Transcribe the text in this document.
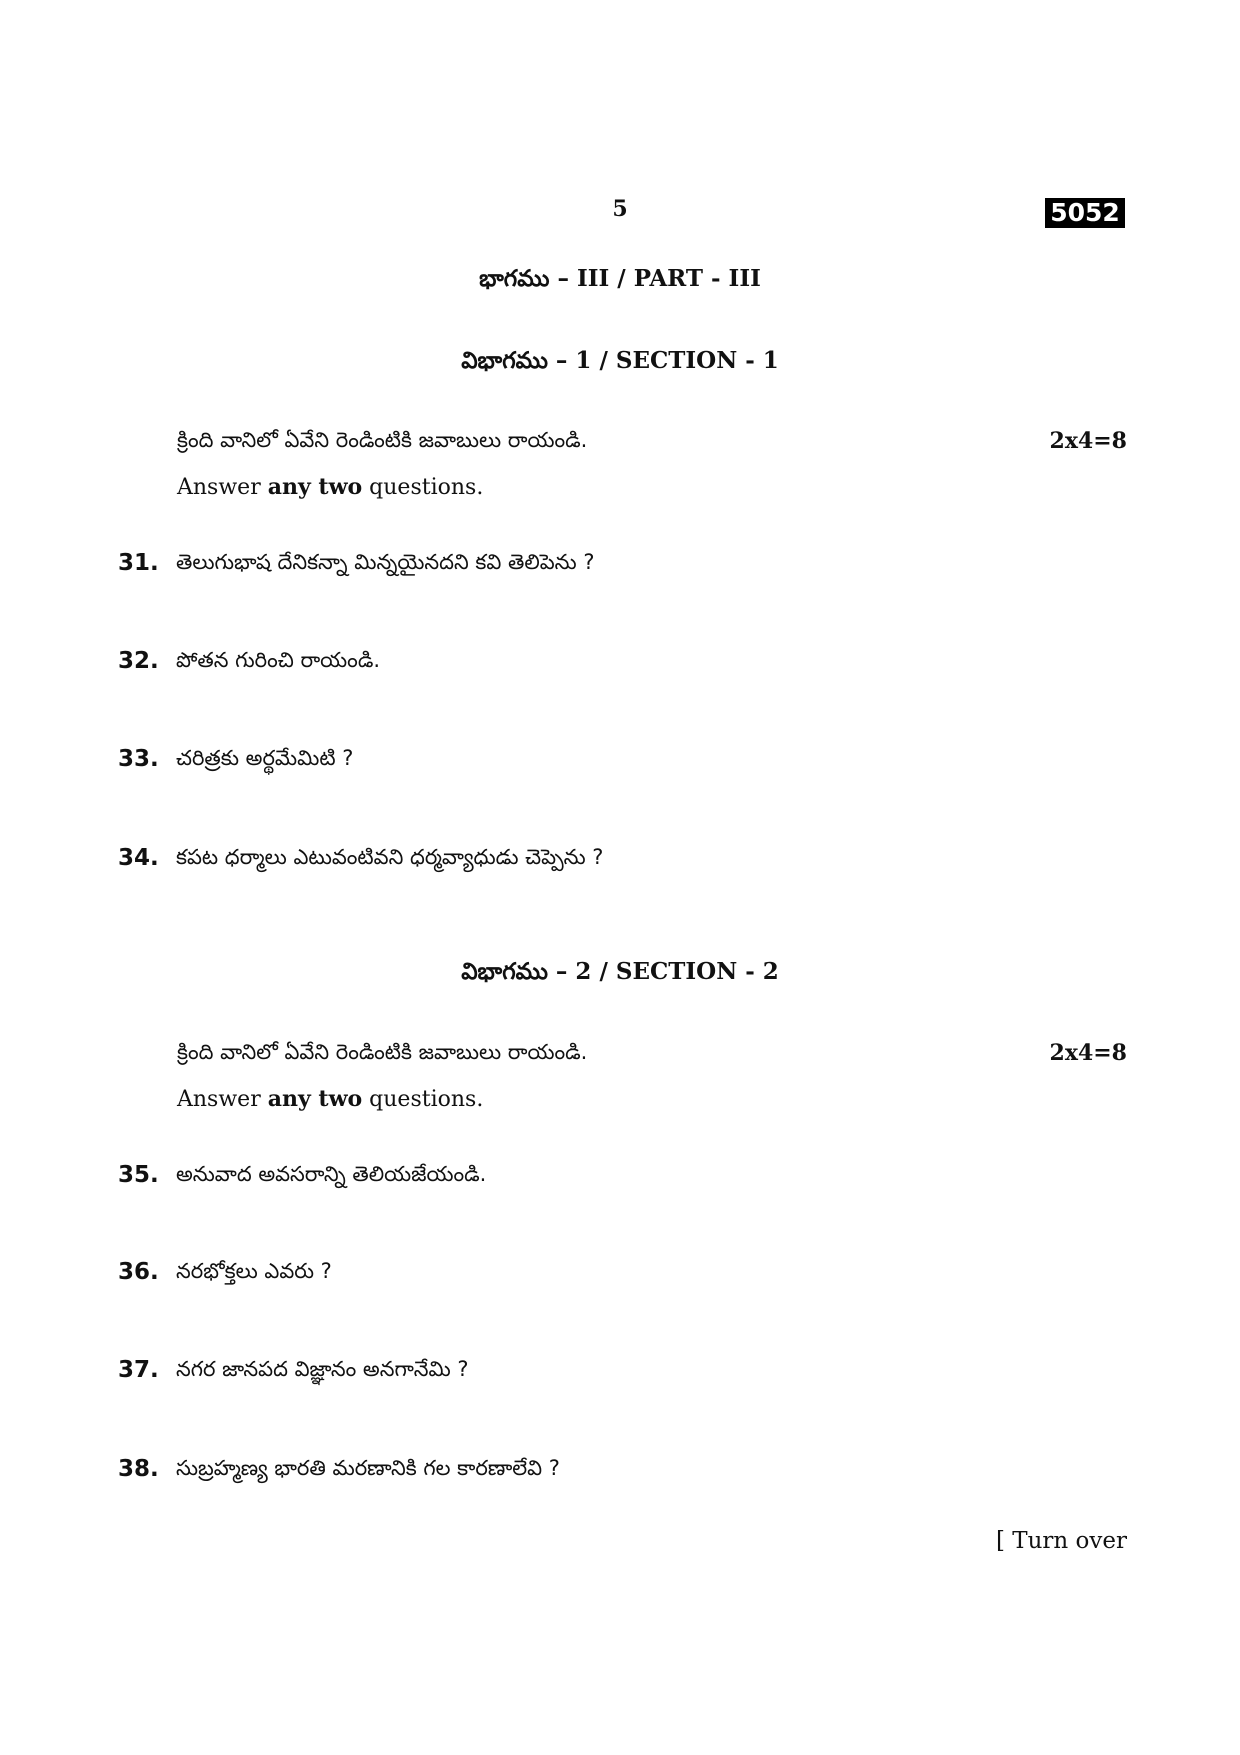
5	5052
భాగము – III / PART - III
విభాగము – 1 / SECTION - 1
క్రింది వానిలో ఏవేని రెండింటికి జవాబులు రాయండి.	2x4=8
Answer any two questions.
31. తెలుగుభాష దేనికన్నా మిన్నయైనదని కవి తెలిపెను ?
32. పోతన గురించి రాయండి.
33. చరిత్రకు అర్థమేమిటి ?
34. కపట ధర్మాలు ఎటువంటివని ధర్మవ్యాధుడు చెప్పెను ?
విభాగము – 2 / SECTION - 2
క్రింది వానిలో ఏవేని రెండింటికి జవాబులు రాయండి.	2x4=8
Answer any two questions.
35. అనువాద అవసరాన్ని తెలియజేయండి.
36. నరభోక్తలు ఎవరు ?
37. నగర జానపద విజ్ఞానం అనగానేమి ?
38. సుబ్రహ్మణ్య భారతి మరణానికి గల కారణాలేవి ?
[ Turn over
